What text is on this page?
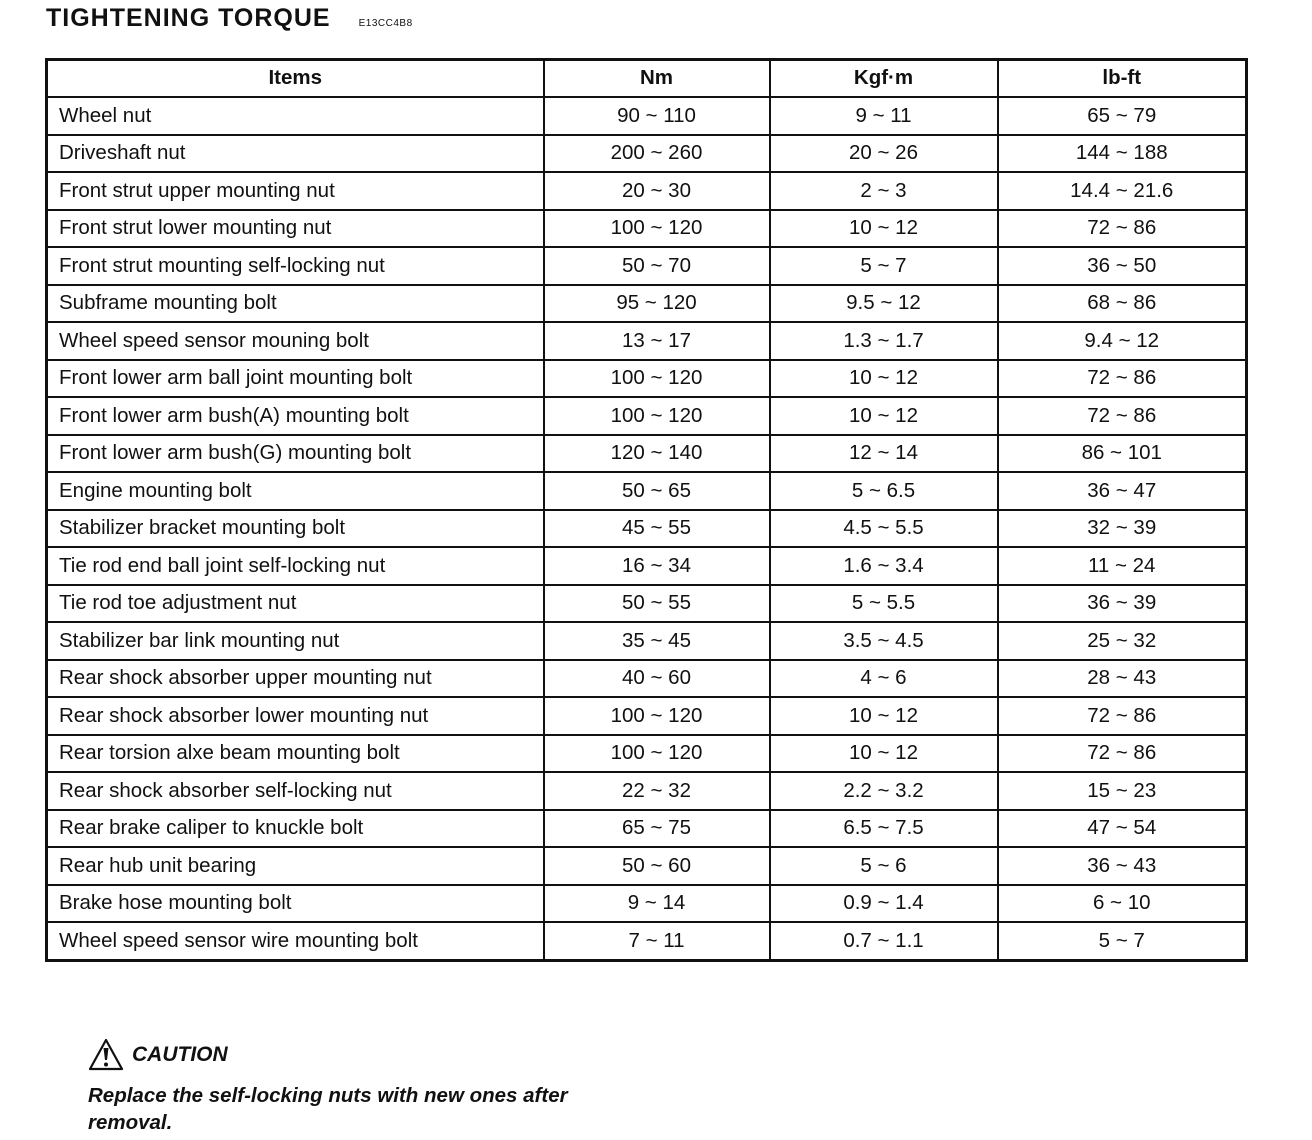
TIGHTENING TORQUE	E13CC4B8
Items	Nm	Kgf·m	lb-ft
Wheel nut	90 ~ 110	9 ~ 11	65 ~ 79
Driveshaft nut	200 ~ 260	20 ~ 26	144 ~ 188
Front strut upper mounting nut	20 ~ 30	2 ~ 3	14.4 ~ 21.6
Front strut lower mounting nut	100 ~ 120	10 ~ 12	72 ~ 86
Front strut mounting self-locking nut	50 ~ 70	5 ~ 7	36 ~ 50
Subframe mounting bolt	95 ~ 120	9.5 ~ 12	68 ~ 86
Wheel speed sensor mouning bolt	13 ~ 17	1.3 ~ 1.7	9.4 ~ 12
Front lower arm ball joint mounting bolt	100 ~ 120	10 ~ 12	72 ~ 86
Front lower arm bush(A) mounting bolt	100 ~ 120	10 ~ 12	72 ~ 86
Front lower arm bush(G) mounting bolt	120 ~ 140	12 ~ 14	86 ~ 101
Engine mounting bolt	50 ~ 65	5 ~ 6.5	36 ~ 47
Stabilizer bracket mounting bolt	45 ~ 55	4.5 ~ 5.5	32 ~ 39
Tie rod end ball joint self-locking nut	16 ~ 34	1.6 ~ 3.4	11 ~ 24
Tie rod toe adjustment nut	50 ~ 55	5 ~ 5.5	36 ~ 39
Stabilizer bar link mounting nut	35 ~ 45	3.5 ~ 4.5	25 ~ 32
Rear shock absorber upper mounting nut	40 ~ 60	4 ~ 6	28 ~ 43
Rear shock absorber lower mounting nut	100 ~ 120	10 ~ 12	72 ~ 86
Rear torsion alxe beam mounting bolt	100 ~ 120	10 ~ 12	72 ~ 86
Rear shock absorber self-locking nut	22 ~ 32	2.2 ~ 3.2	15 ~ 23
Rear brake caliper to knuckle bolt	65 ~ 75	6.5 ~ 7.5	47 ~ 54
Rear hub unit bearing	50 ~ 60	5 ~ 6	36 ~ 43
Brake hose mounting bolt	9 ~ 14	0.9 ~ 1.4	6 ~ 10
Wheel speed sensor wire mounting bolt	7 ~ 11	0.7 ~ 1.1	5 ~ 7
CAUTION
Replace the self-locking nuts with new ones after removal.
